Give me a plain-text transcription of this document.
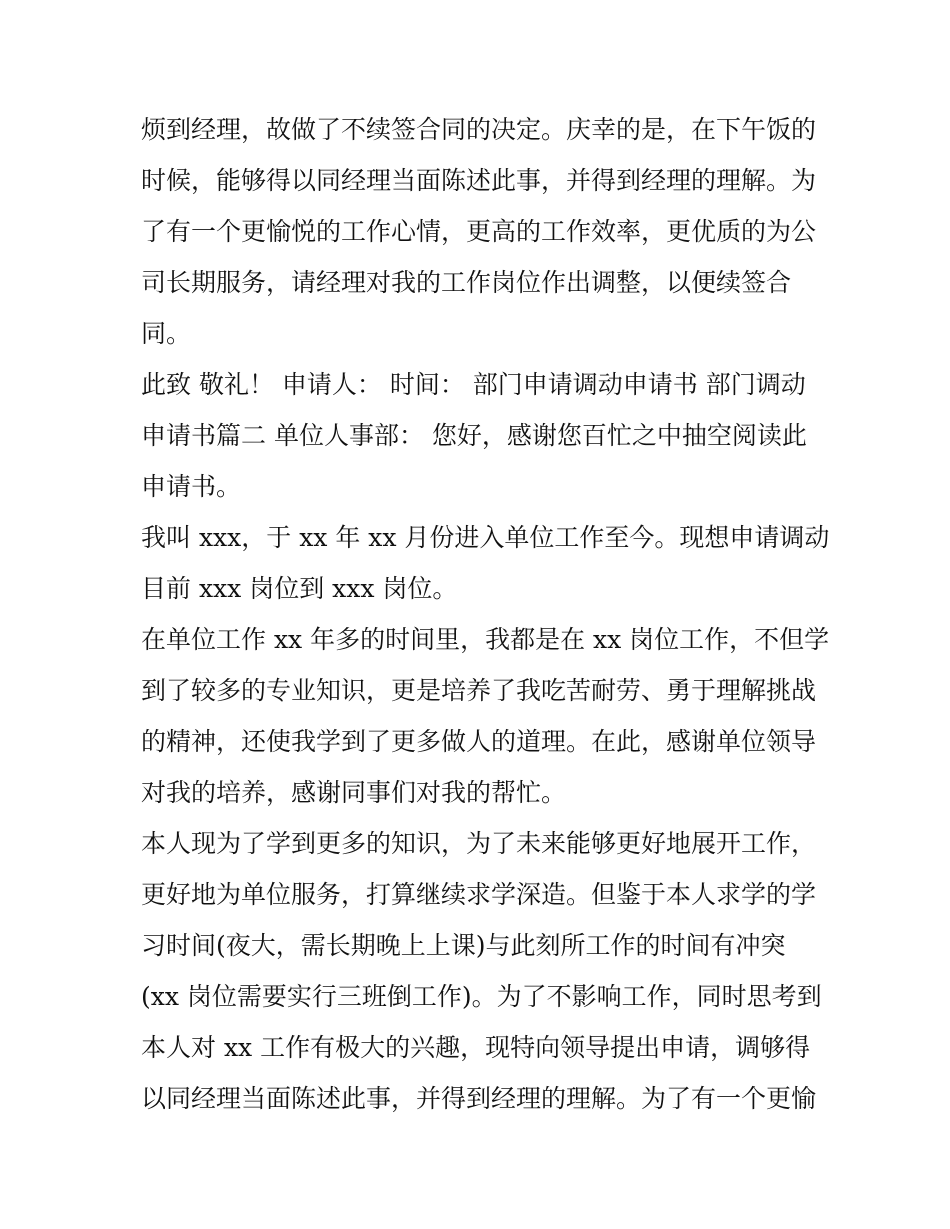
烦到经理，故做了不续签合同的决定。庆幸的是，在下午饭的
时候，能够得以同经理当面陈述此事，并得到经理的理解。为
了有一个更愉悦的工作心情，更高的工作效率，更优质的为公
司长期服务，请经理对我的工作岗位作出调整，以便续签合
同。
此致 敬礼！ 申请人： 时间： 部门申请调动申请书 部门调动
申请书篇二 单位人事部： 您好，感谢您百忙之中抽空阅读此
申请书。
我叫 xxx，于 xx 年 xx 月份进入单位工作至今。现想申请调动
目前 xxx 岗位到 xxx 岗位。
在单位工作 xx 年多的时间里，我都是在 xx 岗位工作，不但学
到了较多的专业知识，更是培养了我吃苦耐劳、勇于理解挑战
的精神，还使我学到了更多做人的道理。在此，感谢单位领导
对我的培养，感谢同事们对我的帮忙。
本人现为了学到更多的知识，为了未来能够更好地展开工作，
更好地为单位服务，打算继续求学深造。但鉴于本人求学的学
习时间(夜大，需长期晚上上课)与此刻所工作的时间有冲突
(xx 岗位需要实行三班倒工作)。为了不影响工作，同时思考到
本人对 xx 工作有极大的兴趣，现特向领导提出申请，调够得
以同经理当面陈述此事，并得到经理的理解。为了有一个更愉
